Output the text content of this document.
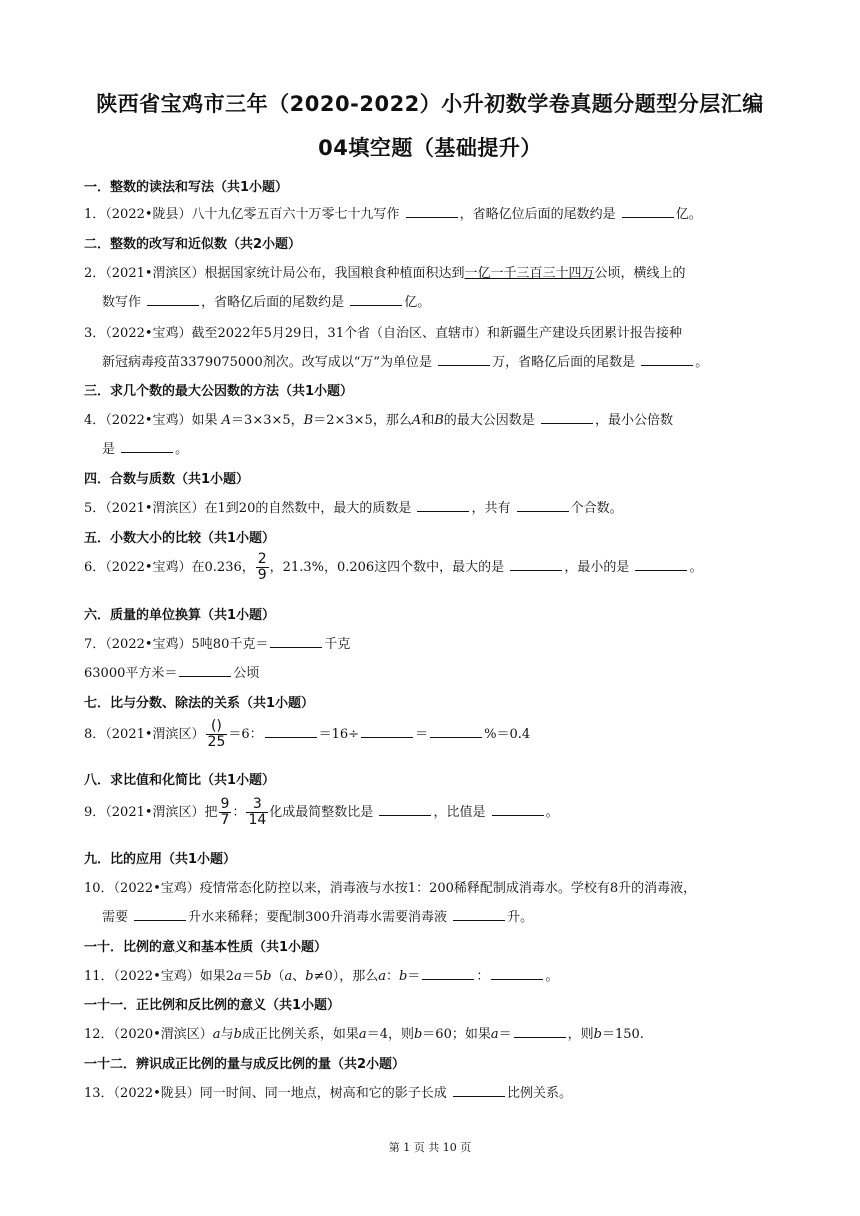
陕西省宝鸡市三年（2020-2022）小升初数学卷真题分题型分层汇编
04填空题（基础提升）
一．整数的读法和写法（共1小题）
1．（2022•陇县）八十九亿零五百六十万零七十九写作	，省略亿位后面的尾数约是	亿。
二．整数的改写和近似数（共2小题）
2．（2021•渭滨区）根据国家统计局公布，我国粮食种植面积达到一亿一千三百三十四万公顷，横线上的
数写作	，省略亿后面的尾数约是	亿。
3．（2022•宝鸡）截至2022年5月29日，31个省（自治区、直辖市）和新疆生产建设兵团累计报告接种
新冠病毒疫苗3379075000剂次。改写成以“万”为单位是	万，省略亿后面的尾数是	。
三．求几个数的最大公因数的方法（共1小题）
4．（2022•宝鸡）如果 A＝3×3×5，B＝2×3×5，那么A和B的最大公因数是	，最小公倍数
是	。
四．合数与质数（共1小题）
5．（2021•渭滨区）在1到20的自然数中，最大的质数是	，共有	个合数。
五．小数大小的比较（共1小题）
6．（2022•宝鸡）在0.236， $\frac{2}{9}$ ，21.3%，0.206这四个数中，最大的是	，最小的是	。
六．质量的单位换算（共1小题）
7．（2022•宝鸡）5吨80千克＝	千克
63000平方米＝	公顷
七．比与分数、除法的关系（共1小题）
8．（2021•渭滨区） $\frac{()}{25} =6$：	＝16÷	＝	%＝0.4
八．求比值和化简比（共1小题）
9．（2021•渭滨区）把 $\frac{9}{7}$ ： $\frac{3}{14}$ 化成最简整数比是	，比值是	。
九．比的应用（共1小题）
10．（2022•宝鸡）疫情常态化防控以来，消毒液与水按1：200稀释配制成消毒水。学校有8升的消毒液，
需要	升水来稀释；要配制300升消毒水需要消毒液	升。
一十．比例的意义和基本性质（共1小题）
11．（2022•宝鸡）如果2a＝5b（a、b≠0），那么a：b＝	：	。
一十一．正比例和反比例的意义（共1小题）
12．（2020•渭滨区）a与b成正比例关系，如果a＝4，则b＝60；如果a＝	，则b＝150.
一十二．辨识成正比例的量与成反比例的量（共2小题）
13．（2022•陇县）同一时间、同一地点，树高和它的影子长成	比例关系。
第 1 页 共 10 页
